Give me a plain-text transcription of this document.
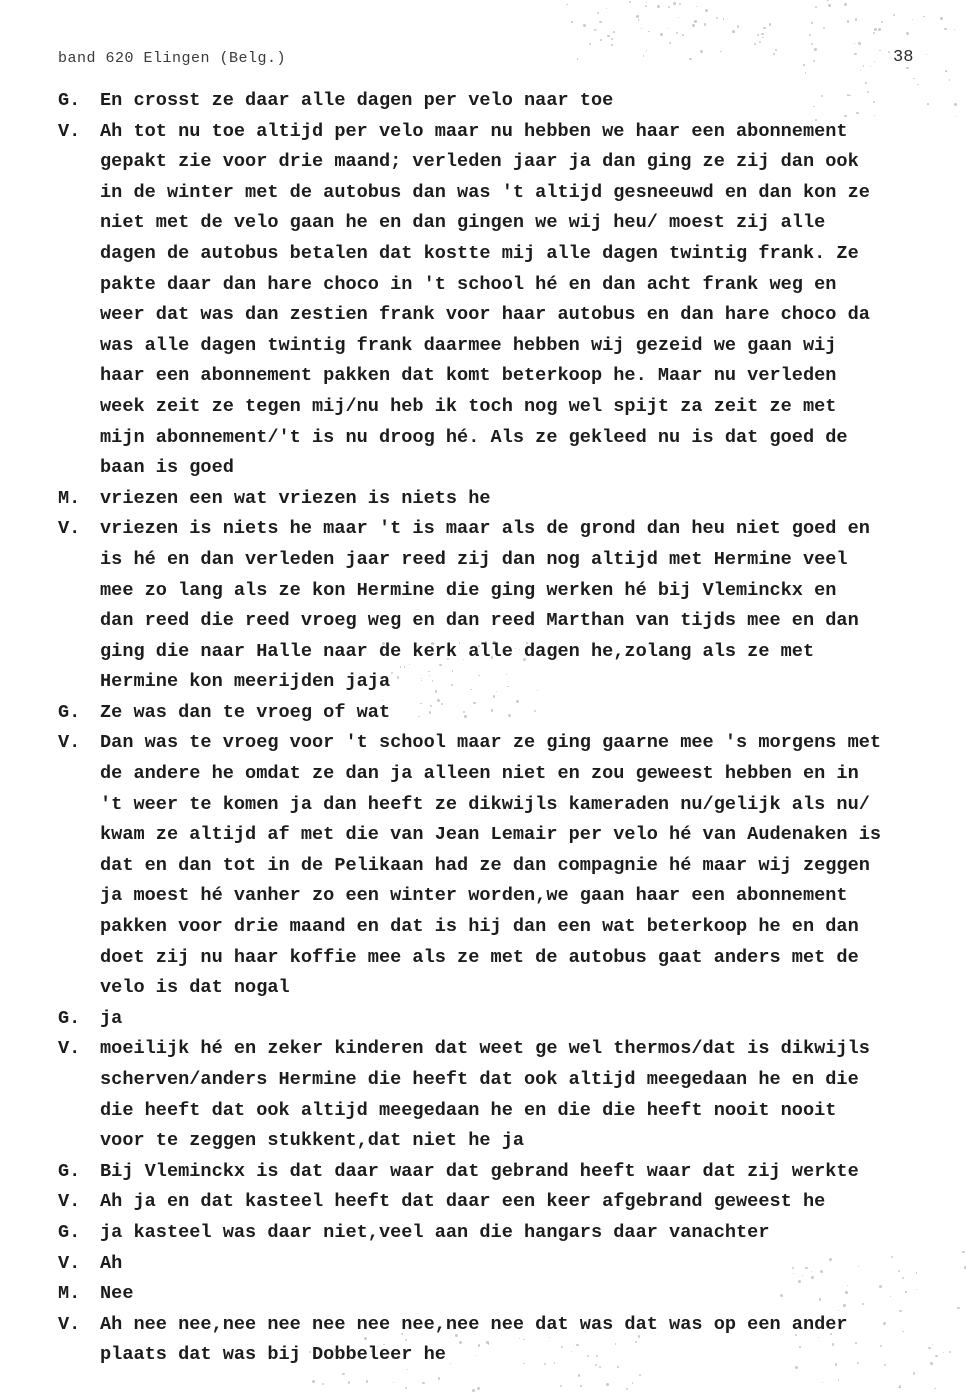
band 620 Elingen (Belg.)	38
G. En crosst ze daar alle dagen per velo naar toe
V. Ah tot nu toe altijd per velo maar nu hebben we haar een abonnement
gepakt zie voor drie maand; verleden jaar ja dan ging ze zij dan ook
in de winter met de autobus dan was 't altijd gesneeuwd en dan kon ze
niet met de velo gaan he en dan gingen we wij heu/ moest zij alle
dagen de autobus betalen dat kostte mij alle dagen twintig frank. Ze
pakte daar dan hare choco in 't school hé en dan acht frank weg en
weer dat was dan zestien frank voor haar autobus en dan hare choco da
was alle dagen twintig frank daarmee hebben wij gezeid we gaan wij
haar een abonnement pakken dat komt beterkoop he. Maar nu verleden
week zeit ze tegen mij/nu heb ik toch nog wel spijt za zeit ze met
mijn abonnement/'t is nu droog hé. Als ze gekleed nu is dat goed de
baan is goed
M. vriezen een wat vriezen is niets he
V. vriezen is niets he maar 't is maar als de grond dan heu niet goed en
is hé en dan verleden jaar reed zij dan nog altijd met Hermine veel
mee zo lang als ze kon Hermine die ging werken hé bij Vleminckx en
dan reed die reed vroeg weg en dan reed Marthan van tijds mee en dan
ging die naar Halle naar de kerk alle dagen he,zolang als ze met
Hermine kon meerijden jaja
G. Ze was dan te vroeg of wat
V. Dan was te vroeg voor 't school maar ze ging gaarne mee 's morgens met
de andere he omdat ze dan ja alleen niet en zou geweest hebben en in
't weer te komen ja dan heeft ze dikwijls kameraden nu/gelijk als nu/
kwam ze altijd af met die van Jean Lemair per velo hé van Audenaken is
dat en dan tot in de Pelikaan had ze dan compagnie hé maar wij zeggen
ja moest hé vanher zo een winter worden,we gaan haar een abonnement
pakken voor drie maand en dat is hij dan een wat beterkoop he en dan
doet zij nu haar koffie mee als ze met de autobus gaat anders met de
velo is dat nogal
G. ja
V. moeilijk hé en zeker kinderen dat weet ge wel thermos/dat is dikwijls
scherven/anders Hermine die heeft dat ook altijd meegedaan he en die
die heeft dat ook altijd meegedaan he en die die heeft nooit nooit
voor te zeggen stukkent,dat niet he ja
G. Bij Vleminckx is dat daar waar dat gebrand heeft waar dat zij werkte
V. Ah ja en dat kasteel heeft dat daar een keer afgebrand geweest he
G. ja kasteel was daar niet,veel aan die hangars daar vanachter
V. Ah
M. Nee
V. Ah nee nee,nee nee nee nee nee,nee nee dat was dat was op een ander
plaats dat was bij Dobbeleer he
